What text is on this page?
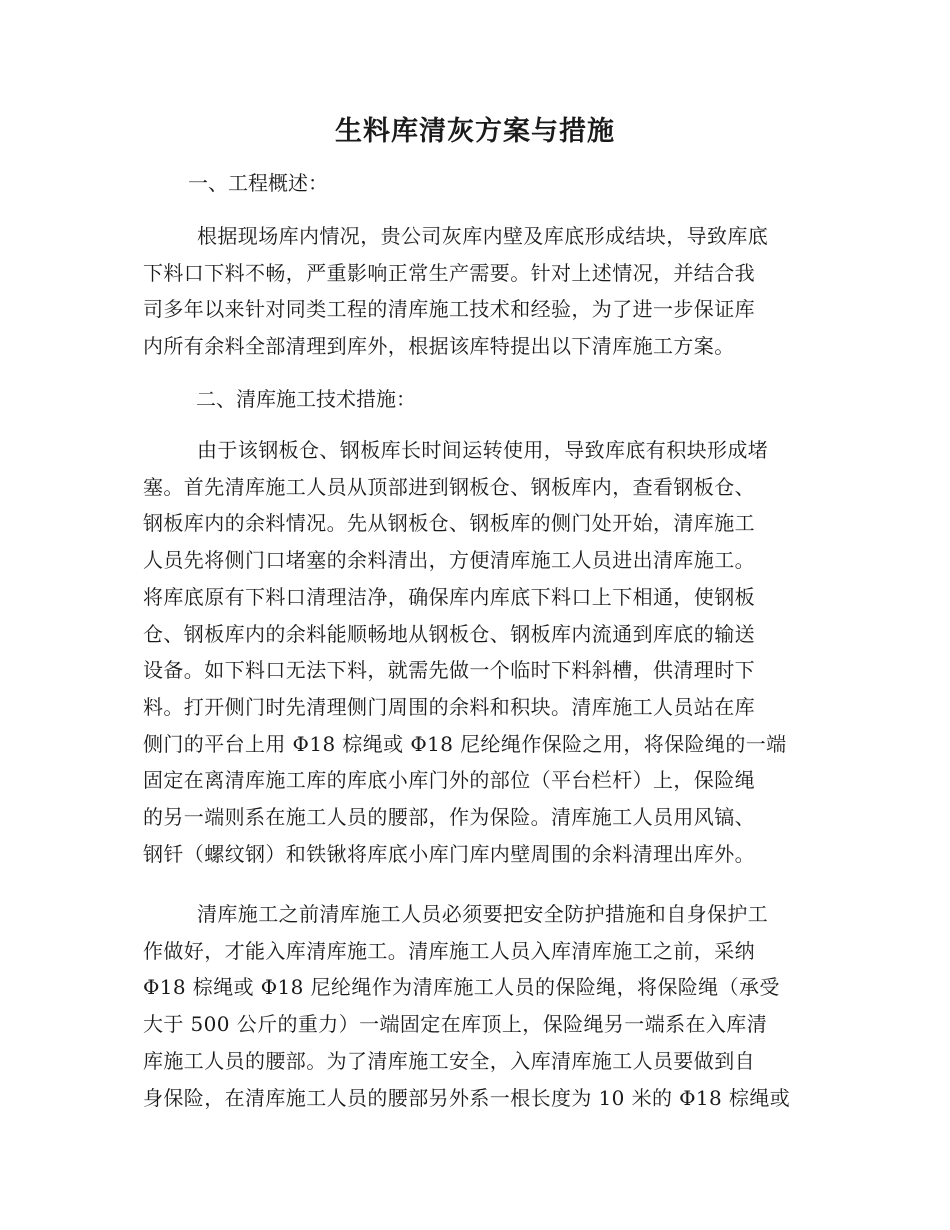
生料库清灰方案与措施

一、工程概述：

根据现场库内情况，贵公司灰库内壁及库底形成结块，导致库底
下料口下料不畅，严重影响正常生产需要。针对上述情况，并结合我
司多年以来针对同类工程的清库施工技术和经验，为了进一步保证库
内所有余料全部清理到库外，根据该库特提出以下清库施工方案。

二、清库施工技术措施：

由于该钢板仓、钢板库长时间运转使用，导致库底有积块形成堵
塞。首先清库施工人员从顶部进到钢板仓、钢板库内，查看钢板仓、
钢板库内的余料情况。先从钢板仓、钢板库的侧门处开始，清库施工
人员先将侧门口堵塞的余料清出，方便清库施工人员进出清库施工。
将库底原有下料口清理洁净，确保库内库底下料口上下相通，使钢板
仓、钢板库内的余料能顺畅地从钢板仓、钢板库内流通到库底的输送
设备。如下料口无法下料，就需先做一个临时下料斜槽，供清理时下
料。打开侧门时先清理侧门周围的余料和积块。清库施工人员站在库
侧门的平台上用 Φ18 棕绳或 Φ18 尼纶绳作保险之用，将保险绳的一端
固定在离清库施工库的库底小库门外的部位（平台栏杆）上，保险绳
的另一端则系在施工人员的腰部，作为保险。清库施工人员用风镐、
钢钎（螺纹钢）和铁锹将库底小库门库内壁周围的余料清理出库外。
清库施工之前清库施工人员必须要把安全防护措施和自身保护工
作做好，才能入库清库施工。清库施工人员入库清库施工之前，采纳
Φ18 棕绳或 Φ18 尼纶绳作为清库施工人员的保险绳，将保险绳（承受
大于 500 公斤的重力）一端固定在库顶上，保险绳另一端系在入库清
库施工人员的腰部。为了清库施工安全，入库清库施工人员要做到自
身保险，在清库施工人员的腰部另外系一根长度为 10 米的 Φ18 棕绳或
